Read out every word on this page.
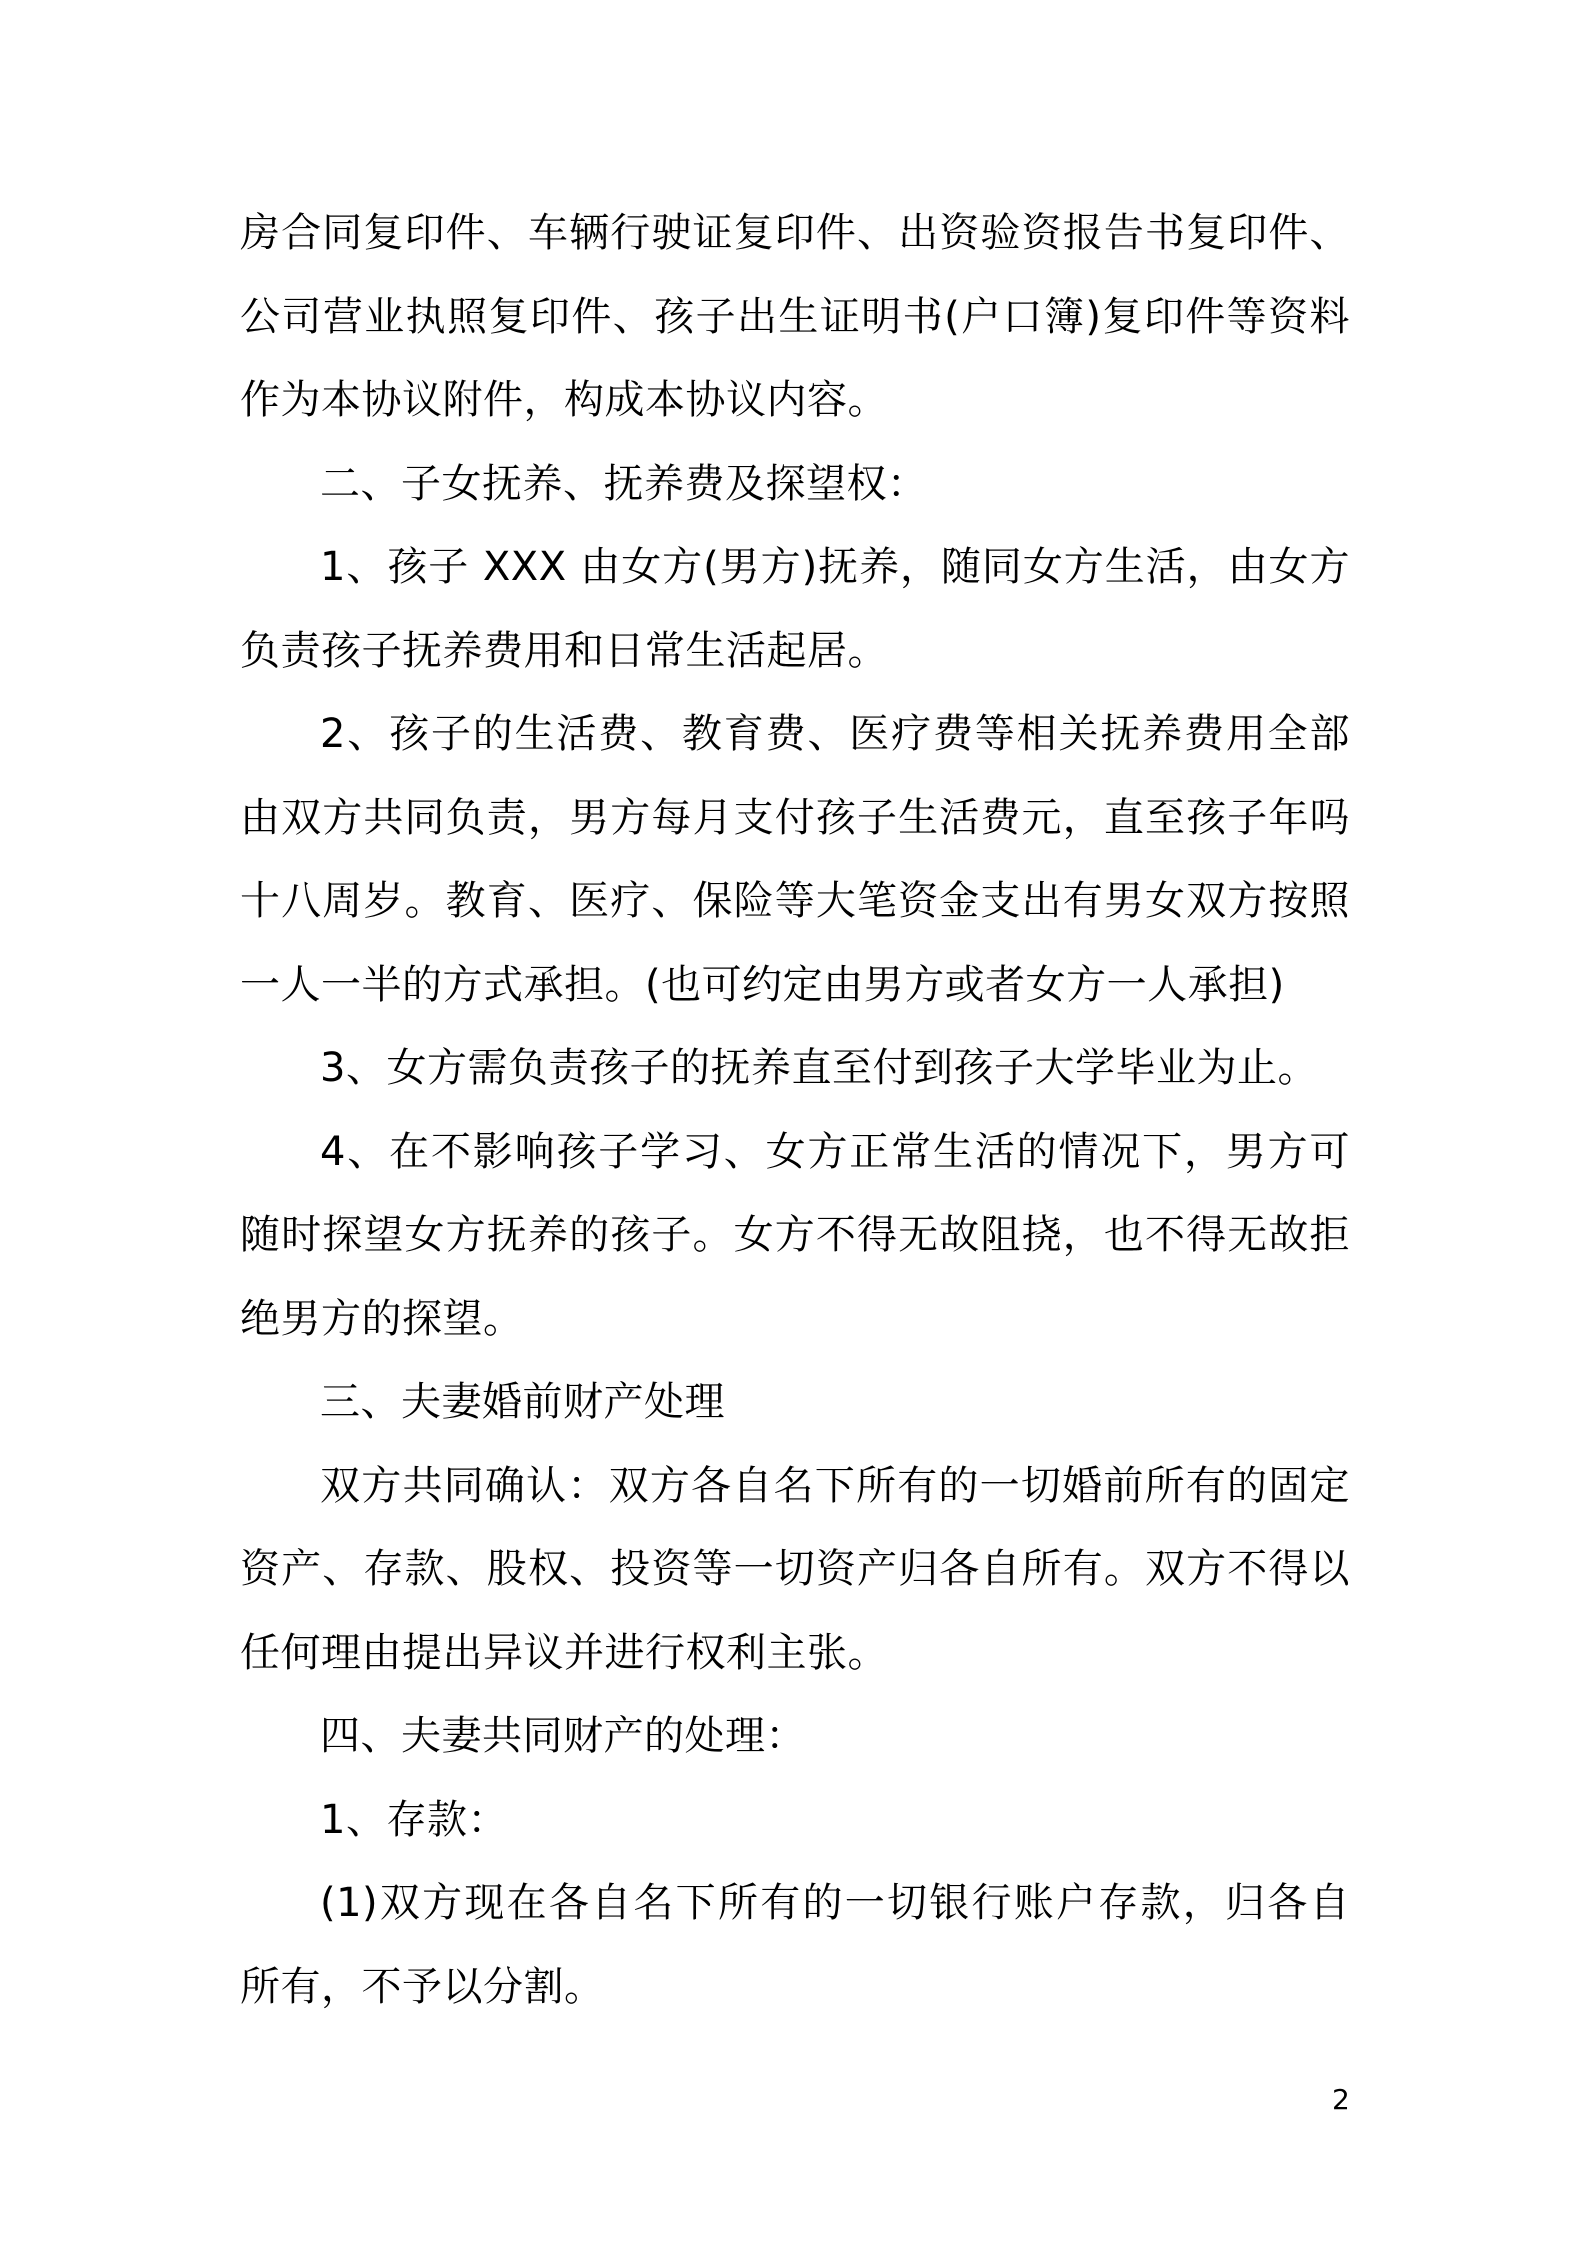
房合同复印件、车辆行驶证复印件、出资验资报告书复印件、公司营业执照复印件、孩子出生证明书(户口簿)复印件等资料作为本协议附件，构成本协议内容。

二、子女抚养、抚养费及探望权：

1、孩子 XXX 由女方(男方)抚养，随同女方生活，由女方负责孩子抚养费用和日常生活起居。

2、孩子的生活费、教育费、医疗费等相关抚养费用全部由双方共同负责，男方每月支付孩子生活费元，直至孩子年吗十八周岁。教育、医疗、保险等大笔资金支出有男女双方按照一人一半的方式承担。(也可约定由男方或者女方一人承担)

3、女方需负责孩子的抚养直至付到孩子大学毕业为止。

4、在不影响孩子学习、女方正常生活的情况下，男方可随时探望女方抚养的孩子。女方不得无故阻挠，也不得无故拒绝男方的探望。

三、夫妻婚前财产处理

双方共同确认：双方各自名下所有的一切婚前所有的固定资产、存款、股权、投资等一切资产归各自所有。双方不得以任何理由提出异议并进行权利主张。

四、夫妻共同财产的处理：

1、存款：

(1)双方现在各自名下所有的一切银行账户存款，归各自所有，不予以分割。

2
